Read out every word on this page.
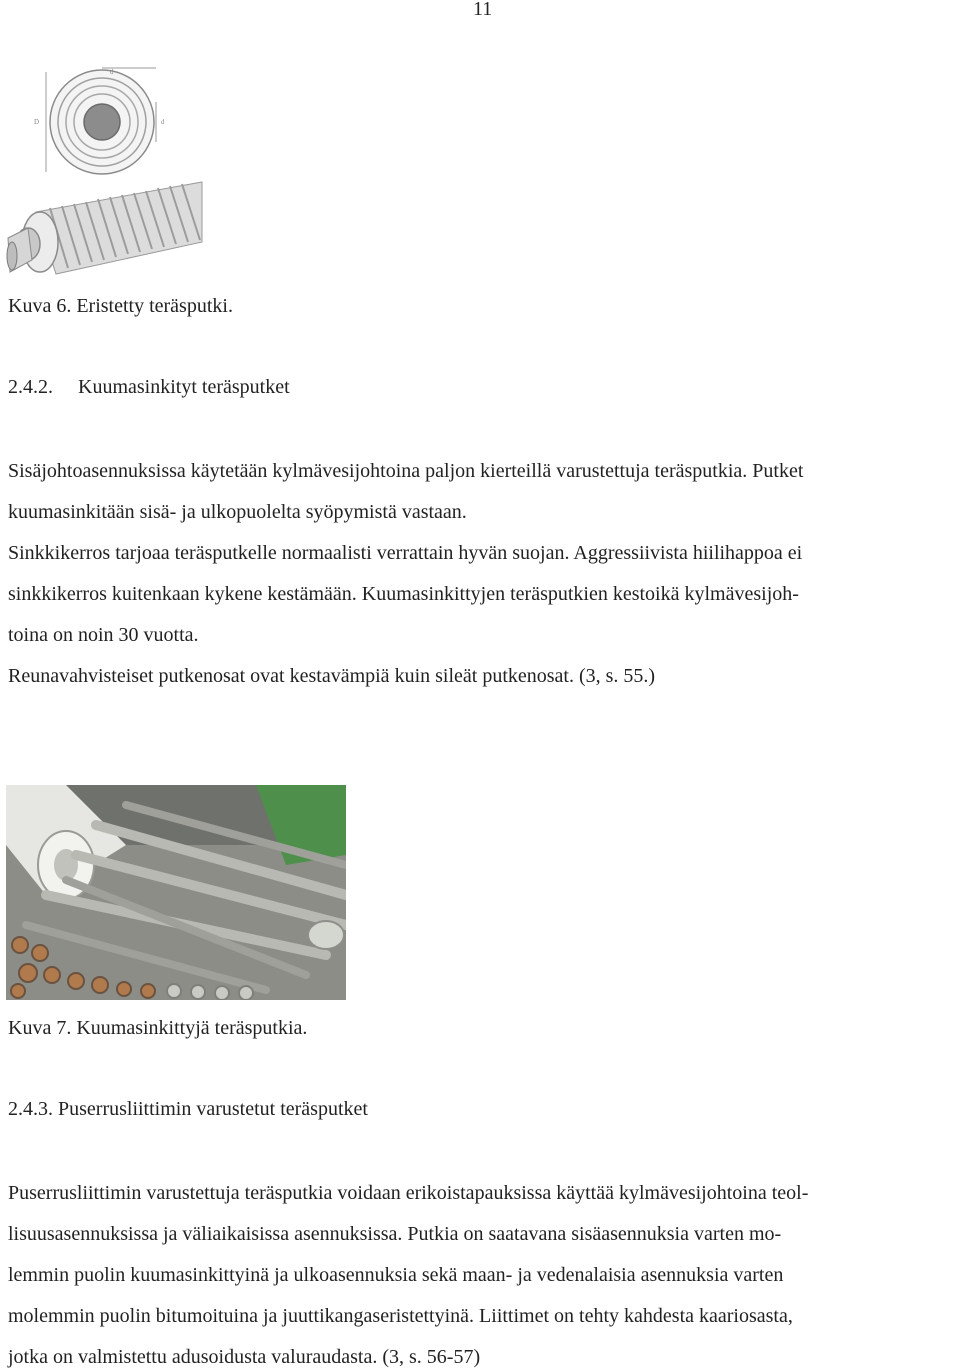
11
d
d
D
Kuva 6. Eristetty teräsputki.
2.4.2. Kuumasinkityt teräsputket
Sisäjohtoasennuksissa käytetään kylmävesijohtoina paljon kierteillä varustettuja teräsputkia. Putket
kuumasinkitään sisä- ja ulkopuolelta syöpymistä vastaan.
Sinkkikerros tarjoaa teräsputkelle normaalisti verrattain hyvän suojan. Aggressiivista hiilihappoa ei
sinkkikerros kuitenkaan kykene kestämään. Kuumasinkittyjen teräsputkien kestoikä kylmävesijoh-
toina on noin 30 vuotta.
Reunavahvisteiset putkenosat ovat kestavämpiä kuin sileät putkenosat. (3, s. 55.)
Kuva 7. Kuumasinkittyjä teräsputkia.
2.4.3. Puserrusliittimin varustetut teräsputket
Puserrusliittimin varustettuja teräsputkia voidaan erikoistapauksissa käyttää kylmävesijohtoina teol-
lisuusasennuksissa ja väliaikaisissa asennuksissa. Putkia on saatavana sisäasennuksia varten mo-
lemmin puolin kuumasinkittyinä ja ulkoasennuksia sekä maan- ja vedenalaisia asennuksia varten
molemmin puolin bitumoituina ja juuttikangaseristettyinä. Liittimet on tehty kahdesta kaariosasta,
jotka on valmistettu adusoidusta valuraudasta. (3, s. 56-57)
